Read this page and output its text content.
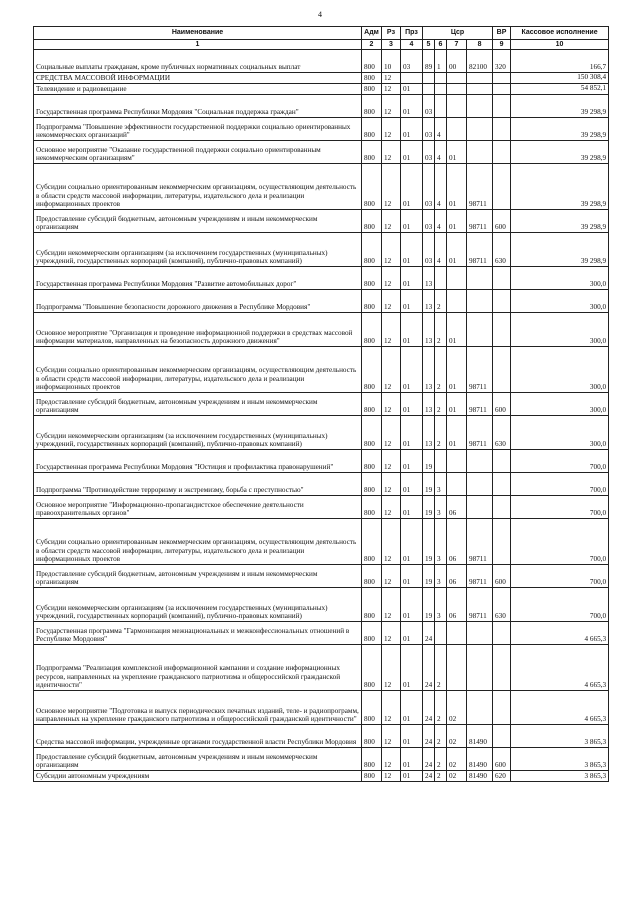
4
Наименование	Адм	Рз	Прз	Цср				ВР	Кассовое исполнение
1	2	3	4	5	6	7	8	9	10
Социальные выплаты гражданам, кроме публичных нормативных социальных выплат	800	10	03	89	1	00	82100	320	166,7
СРЕДСТВА МАССОВОЙ ИНФОРМАЦИИ	800	12							150 308,4
Телевидение и радиовещание	800	12	01						54 852,1
Государственная программа Республики Мордовия "Социальная поддержка граждан"	800	12	01	03					39 298,9
Подпрограмма "Повышение эффективности государственной поддержки социально ориентированных некоммерческих организаций"	800	12	01	03	4				39 298,9
Основное мероприятие "Оказание государственной поддержки социально ориентированным некоммерческим организациям"	800	12	01	03	4	01			39 298,9
Субсидии социально ориентированным некоммерческим организациям, осуществляющим деятельность в области средств массовой информации, литературы, издательского дела и реализации информационных проектов	800	12	01	03	4	01	98711		39 298,9
Предоставление субсидий бюджетным, автономным учреждениям и иным некоммерческим организациям	800	12	01	03	4	01	98711	600	39 298,9
Субсидии некоммерческим организациям (за исключением государственных (муниципальных) учреждений, государственных корпораций (компаний), публично-правовых компаний)	800	12	01	03	4	01	98711	630	39 298,9
Государственная программа Республики Мордовия "Развитие автомобильных дорог"	800	12	01	13					300,0
Подпрограмма "Повышение безопасности дорожного движения в Республике Мордовия"	800	12	01	13	2				300,0
Основное мероприятие "Организация и проведение информационной поддержки в средствах массовой информации материалов, направленных на безопасность дорожного движения"	800	12	01	13	2	01			300,0
Субсидии социально ориентированным некоммерческим организациям, осуществляющим деятельность в области средств массовой информации, литературы, издательского дела и реализации информационных проектов	800	12	01	13	2	01	98711		300,0
Предоставление субсидий бюджетным, автономным учреждениям и иным некоммерческим организациям	800	12	01	13	2	01	98711	600	300,0
Субсидии некоммерческим организациям (за исключением государственных (муниципальных) учреждений, государственных корпораций (компаний), публично-правовых компаний)	800	12	01	13	2	01	98711	630	300,0
Государственная программа Республики Мордовия "Юстиция и профилактика правонарушений"	800	12	01	19					700,0
Подпрограмма "Противодействие терроризму и экстремизму, борьба с преступностью"	800	12	01	19	3				700,0
Основное мероприятие "Информационно-пропагандистское обеспечение деятельности правоохранительных органов"	800	12	01	19	3	06			700,0
Субсидии социально ориентированным некоммерческим организациям, осуществляющим деятельность в области средств массовой информации, литературы, издательского дела и реализации информационных проектов	800	12	01	19	3	06	98711		700,0
Предоставление субсидий бюджетным, автономным учреждениям и иным некоммерческим организациям	800	12	01	19	3	06	98711	600	700,0
Субсидии некоммерческим организациям (за исключением государственных (муниципальных) учреждений, государственных корпораций (компаний), публично-правовых компаний)	800	12	01	19	3	06	98711	630	700,0
Государственная программа "Гармонизация межнациональных и межконфессиональных отношений в Республике Мордовия"	800	12	01	24					4 665,3
Подпрограмма "Реализация комплексной информационной кампании и создание информационных ресурсов, направленных на укрепление гражданского патриотизма и общероссийской гражданской идентичности"	800	12	01	24	2				4 665,3
Основное мероприятие "Подготовка и выпуск периодических печатных изданий, теле- и радиопрограмм, направленных на укрепление гражданского патриотизма и общероссийской гражданской идентичности"	800	12	01	24	2	02			4 665,3
Средства массовой информации, учрежденные органами государственной власти Республики Мордовия	800	12	01	24	2	02	81490		3 865,3
Предоставление субсидий бюджетным, автономным учреждениям и иным некоммерческим организациям	800	12	01	24	2	02	81490	600	3 865,3
Субсидии автономным учреждениям	800	12	01	24	2	02	81490	620	3 865,3
